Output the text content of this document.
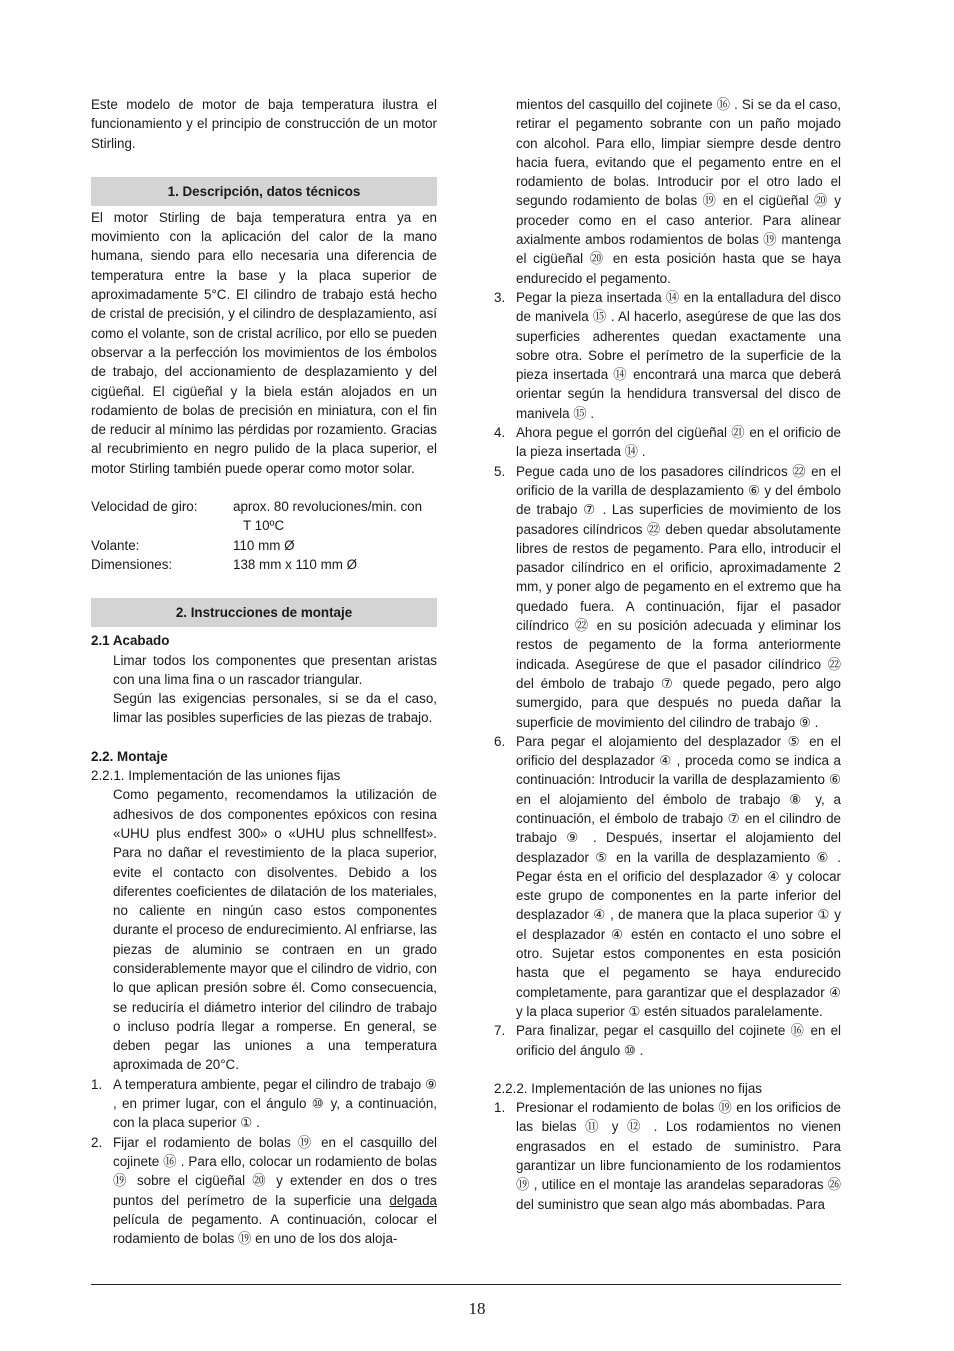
Este modelo de motor de baja temperatura ilustra el funcionamiento y el principio de construcción de un motor Stirling.

1. Descripción, datos técnicos

El motor Stirling de baja temperatura entra ya en movimiento con la aplicación del calor de la mano humana, siendo para ello necesaria una diferencia de temperatura entre la base y la placa superior de aproximadamente 5°C. El cilindro de trabajo está hecho de cristal de precisión, y el cilindro de desplazamiento, así como el volante, son de cristal acrílico, por ello se pueden observar a la perfección los movimientos de los émbolos de trabajo, del accionamiento de desplazamiento y del cigüeñal. El cigüeñal y la biela están alojados en un rodamiento de bolas de precisión en miniatura, con el fin de reducir al mínimo las pérdidas por rozamiento. Gracias al recubrimiento en negro pulido de la placa superior, el motor Stirling también puede operar como motor solar.

Velocidad de giro:	aprox. 80 revoluciones/min. con
T 10ºC
Volante:	110 mm Ø
Dimensiones:	138 mm x 110 mm Ø
2. Instrucciones de montaje

2.1 Acabado

Limar todos los componentes que presentan aristas con una lima fina o un rascador triangular.

Según las exigencias personales, si se da el caso, limar las posibles superficies de las piezas de trabajo.

2.2. Montaje

2.2.1. Implementación de las uniones fijas

Como pegamento, recomendamos la utilización de adhesivos de dos componentes epóxicos con resina «UHU plus endfest 300» o «UHU plus schnellfest». Para no dañar el revestimiento de la placa superior, evite el contacto con disolventes. Debido a los diferentes coeficientes de dilatación de los materiales, no caliente en ningún caso estos componentes durante el proceso de endurecimiento. Al enfriarse, las piezas de aluminio se contraen en un grado considerablemente mayor que el cilindro de vidrio, con lo que aplican presión sobre él. Como consecuencia, se reduciría el diámetro interior del cilindro de trabajo o incluso podría llegar a romperse. En general, se deben pegar las uniones a una temperatura aproximada de 20°C.

1. A temperatura ambiente, pegar el cilindro de trabajo ⑨ , en primer lugar, con el ángulo ⑩ y, a continuación, con la placa superior ① .
2. Fijar el rodamiento de bolas ⑲ en el casquillo del cojinete ⑯ . Para ello, colocar un rodamiento de bolas ⑲ sobre el cigüeñal ⑳ y extender en dos o tres puntos del perímetro de la superficie una delgada película de pegamento. A continuación, colocar el rodamiento de bolas ⑲ en uno de los dos aloja-

mientos del casquillo del cojinete ⑯ . Si se da el caso, retirar el pegamento sobrante con un paño mojado con alcohol. Para ello, limpiar siempre desde dentro hacia fuera, evitando que el pegamento entre en el rodamiento de bolas. Introducir por el otro lado el segundo rodamiento de bolas ⑲ en el cigüeñal ⑳ y proceder como en el caso anterior. Para alinear axialmente ambos rodamientos de bolas ⑲ mantenga el cigüeñal ⑳ en esta posición hasta que se haya endurecido el pegamento.

3. Pegar la pieza insertada ⑭ en la entalladura del disco de manivela ⑮ . Al hacerlo, asegúrese de que las dos superficies adherentes quedan exactamente una sobre otra. Sobre el perímetro de la superficie de la pieza insertada ⑭ encontrará una marca que deberá orientar según la hendidura transversal del disco de manivela ⑮ .
4. Ahora pegue el gorrón del cigüeñal ㉑ en el orificio de la pieza insertada ⑭ .
5. Pegue cada uno de los pasadores cilíndricos ㉒ en el orificio de la varilla de desplazamiento ⑥ y del émbolo de trabajo ⑦ . Las superficies de movimiento de los pasadores cilíndricos ㉒ deben quedar absolutamente libres de restos de pegamento. Para ello, introducir el pasador cilíndrico en el orificio, aproximadamente 2 mm, y poner algo de pegamento en el extremo que ha quedado fuera. A continuación, fijar el pasador cilíndrico ㉒ en su posición adecuada y eliminar los restos de pegamento de la forma anteriormente indicada. Asegúrese de que el pasador cilíndrico ㉒ del émbolo de trabajo ⑦ quede pegado, pero algo sumergido, para que después no pueda dañar la superficie de movimiento del cilindro de trabajo ⑨ .
6. Para pegar el alojamiento del desplazador ⑤ en el orificio del desplazador ④ , proceda como se indica a continuación: Introducir la varilla de desplazamiento ⑥ en el alojamiento del émbolo de trabajo ⑧ y, a continuación, el émbolo de trabajo ⑦ en el cilindro de trabajo ⑨ . Después, insertar el alojamiento del desplazador ⑤ en la varilla de desplazamiento ⑥ . Pegar ésta en el orificio del desplazador ④ y colocar este grupo de componentes en la parte inferior del desplazador ④ , de manera que la placa superior ① y el desplazador ④ estén en contacto el uno sobre el otro. Sujetar estos componentes en esta posición hasta que el pegamento se haya endurecido completamente, para garantizar que el desplazador ④ y la placa superior ① estén situados paralelamente.
7. Para finalizar, pegar el casquillo del cojinete ⑯ en el orificio del ángulo ⑩ .

2.2.2. Implementación de las uniones no fijas

1. Presionar el rodamiento de bolas ⑲ en los orificios de las bielas ⑪ y ⑫ . Los rodamientos no vienen engrasados en el estado de suministro. Para garantizar un libre funcionamiento de los rodamientos ⑲ , utilice en el montaje las arandelas separadoras ㉖ del suministro que sean algo más abombadas. Para
18
